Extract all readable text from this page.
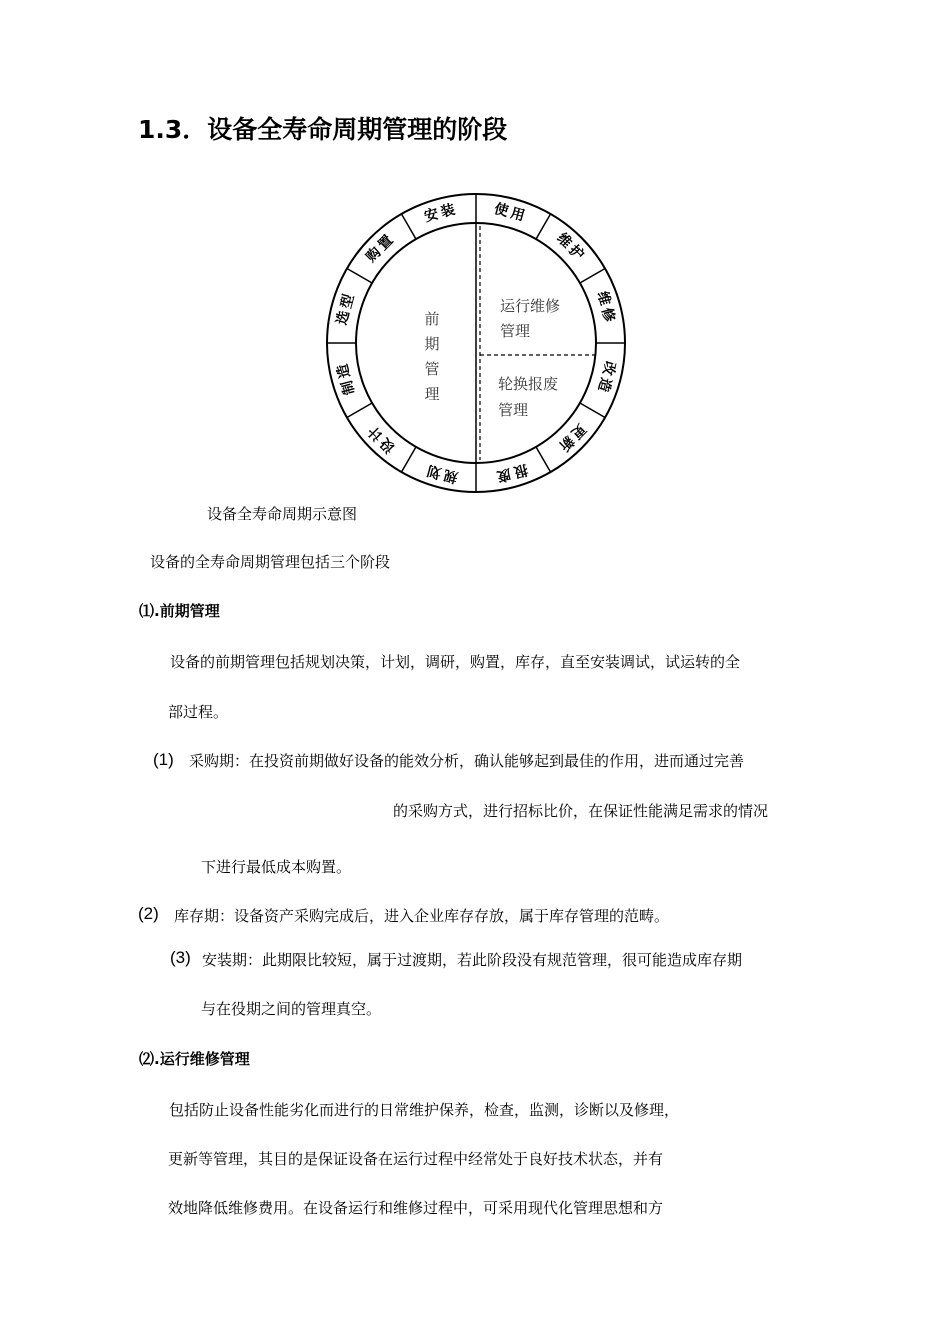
1.3．设备全寿命周期管理的阶段
安装 使用
维护
维修
改造
更新
报废
规划
设计
制造
选型
购置
前
期
管
理
运行维修
管理
轮换报废
管理
设备全寿命周期示意图
设备的全寿命周期管理包括三个阶段
⑴.前期管理
设备的前期管理包括规划决策，计划，调研，购置，库存，直至安装调试，试运转的全
部过程。
(1) 采购期：在投资前期做好设备的能效分析，确认能够起到最佳的作用，进而通过完善
的采购方式，进行招标比价，在保证性能满足需求的情况
下进行最低成本购置。
(2) 库存期：设备资产采购完成后，进入企业库存存放，属于库存管理的范畴。
(3) 安装期：此期限比较短，属于过渡期，若此阶段没有规范管理，很可能造成库存期
与在役期之间的管理真空。
⑵.运行维修管理
包括防止设备性能劣化而进行的日常维护保养，检查，监测，诊断以及修理，
更新等管理，其目的是保证设备在运行过程中经常处于良好技术状态，并有
效地降低维修费用。在设备运行和维修过程中，可采用现代化管理思想和方
